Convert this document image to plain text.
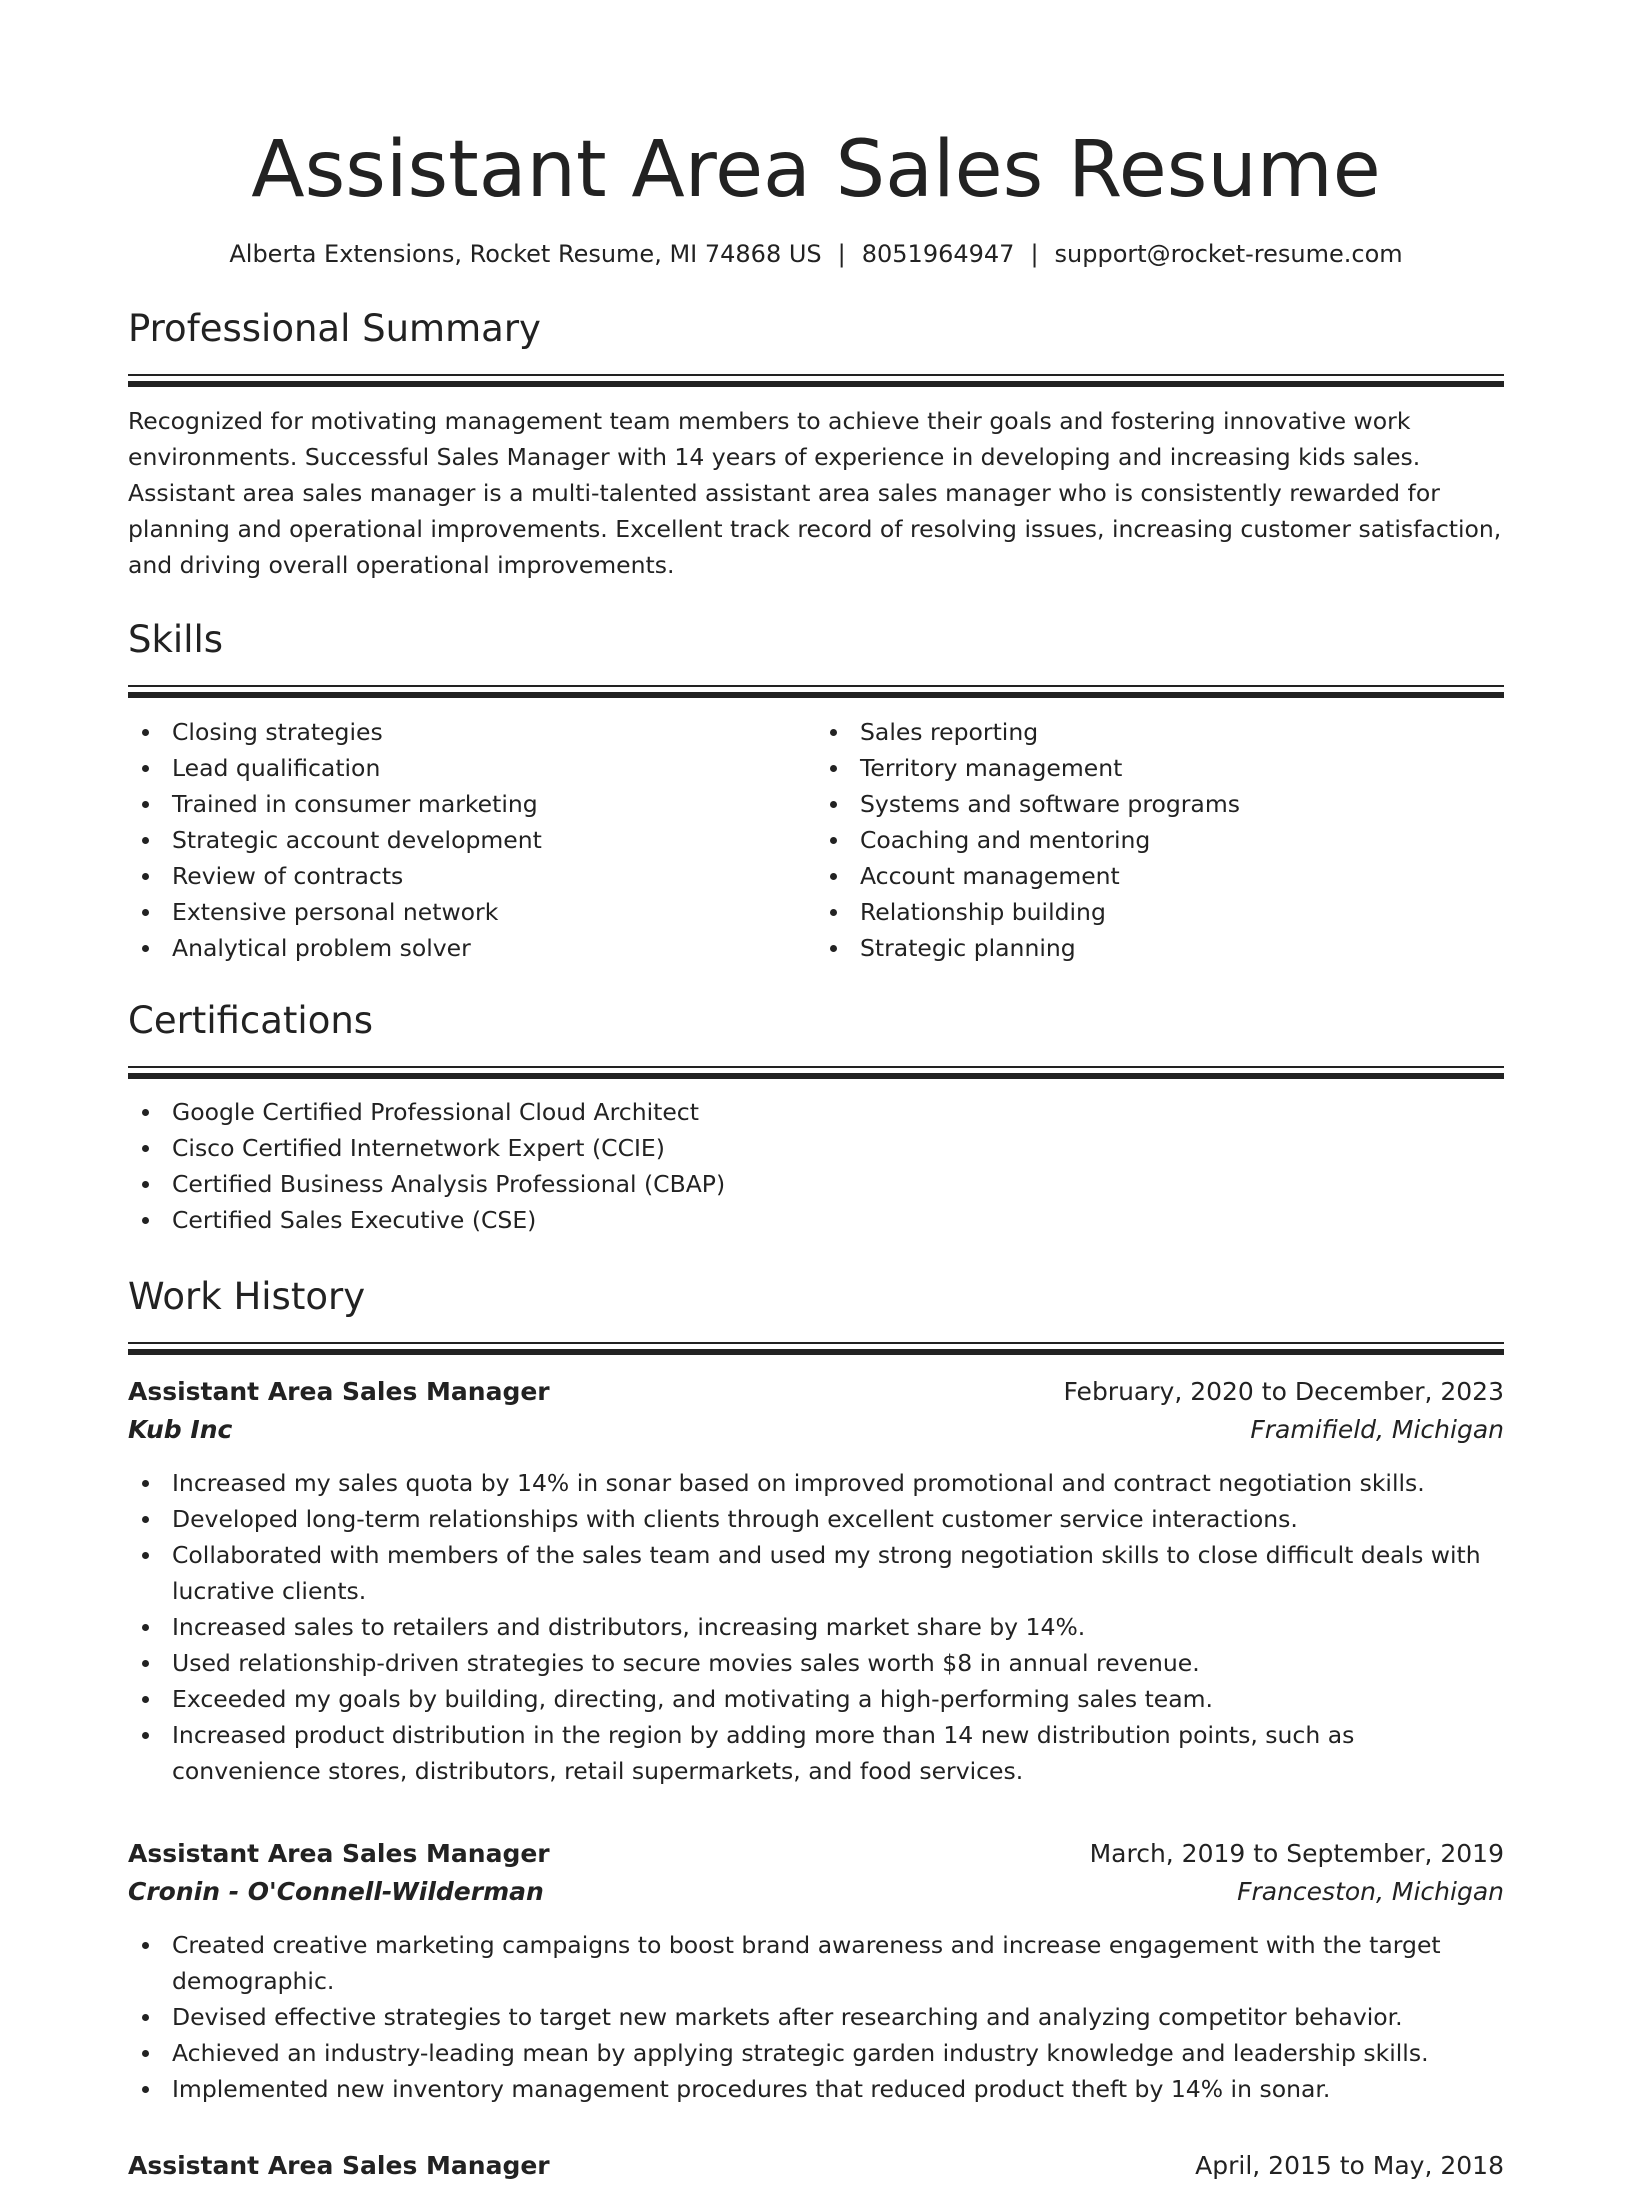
Assistant Area Sales Resume
Alberta Extensions, Rocket Resume, MI 74868 US | 8051964947 | support@rocket-resume.com
Professional Summary

Recognized for motivating management team members to achieve their goals and fostering innovative work environments. Successful Sales Manager with 14 years of experience in developing and increasing kids sales. Assistant area sales manager is a multi-talented assistant area sales manager who is consistently rewarded for planning and operational improvements. Excellent track record of resolving issues, increasing customer satisfaction, and driving overall operational improvements.

Skills
Closing strategies
Lead qualification
Trained in consumer marketing
Strategic account development
Review of contracts
Extensive personal network
Analytical problem solver
Sales reporting
Territory management
Systems and software programs
Coaching and mentoring
Account management
Relationship building
Strategic planning
Certifications
Google Certified Professional Cloud Architect
Cisco Certified Internetwork Expert (CCIE)
Certified Business Analysis Professional (CBAP)
Certified Sales Executive (CSE)
Work History
Assistant Area Sales Manager	February, 2020 to December, 2023
Kub Inc	Framifield, Michigan
Increased my sales quota by 14% in sonar based on improved promotional and contract negotiation skills.
Developed long-term relationships with clients through excellent customer service interactions.
Collaborated with members of the sales team and used my strong negotiation skills to close difficult deals with lucrative clients.
Increased sales to retailers and distributors, increasing market share by 14%.
Used relationship-driven strategies to secure movies sales worth $8 in annual revenue.
Exceeded my goals by building, directing, and motivating a high-performing sales team.
Increased product distribution in the region by adding more than 14 new distribution points, such as convenience stores, distributors, retail supermarkets, and food services.
Assistant Area Sales Manager	March, 2019 to September, 2019
Cronin - O'Connell-Wilderman	Franceston, Michigan
Created creative marketing campaigns to boost brand awareness and increase engagement with the target demographic.
Devised effective strategies to target new markets after researching and analyzing competitor behavior.
Achieved an industry-leading mean by applying strategic garden industry knowledge and leadership skills.
Implemented new inventory management procedures that reduced product theft by 14% in sonar.
Assistant Area Sales Manager	April, 2015 to May, 2018
